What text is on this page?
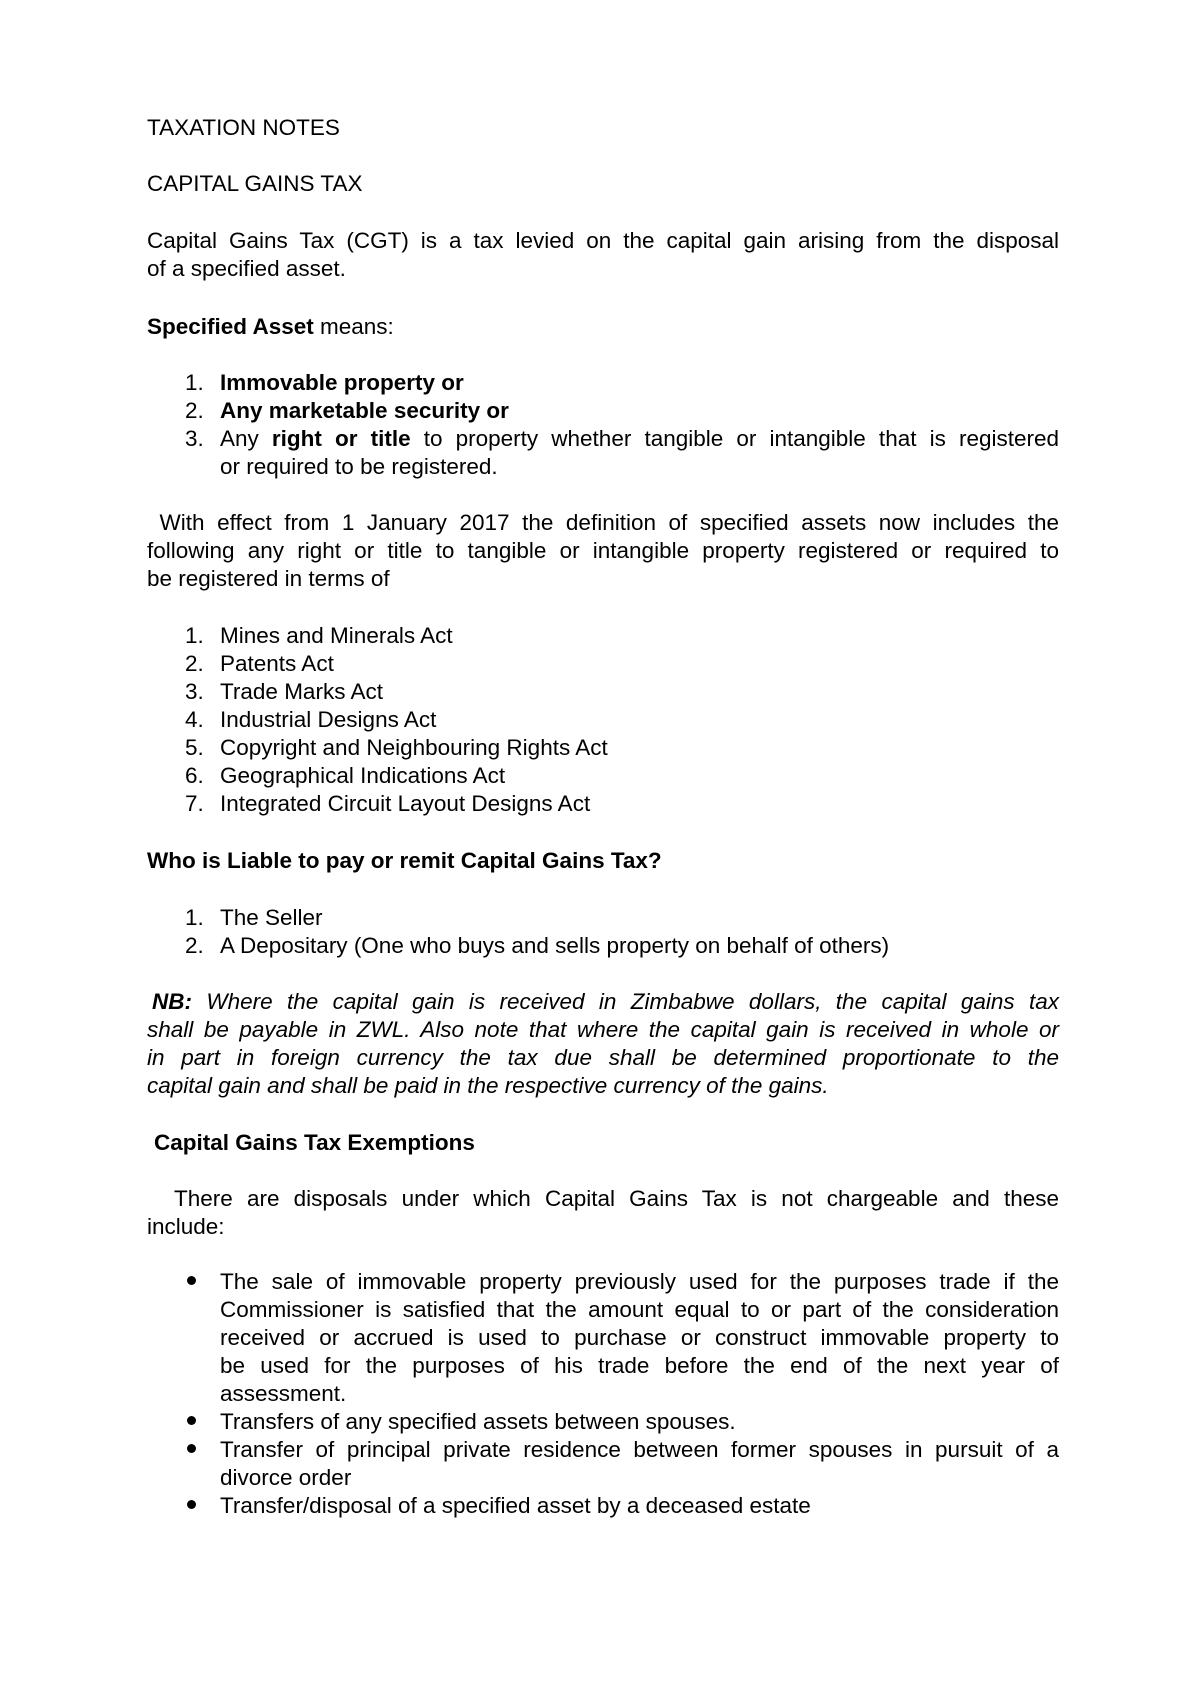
TAXATION NOTES
CAPITAL GAINS TAX
Capital Gains Tax (CGT) is a tax levied on the capital gain arising from the disposal
of a specified asset.
Specified Asset means:
1. Immovable property or
2. Any marketable security or
3. Any right or title to property whether tangible or intangible that is registered
or required to be registered.
With effect from 1 January 2017 the definition of specified assets now includes the
following any right or title to tangible or intangible property registered or required to
be registered in terms of
1. Mines and Minerals Act
2. Patents Act
3. Trade Marks Act
4. Industrial Designs Act
5. Copyright and Neighbouring Rights Act
6. Geographical Indications Act
7. Integrated Circuit Layout Designs Act
Who is Liable to pay or remit Capital Gains Tax?
1. The Seller
2. A Depositary (One who buys and sells property on behalf of others)
NB: Where the capital gain is received in Zimbabwe dollars, the capital gains tax
shall be payable in ZWL. Also note that where the capital gain is received in whole or
in part in foreign currency the tax due shall be determined proportionate to the
capital gain and shall be paid in the respective currency of the gains.
Capital Gains Tax Exemptions
There are disposals under which Capital Gains Tax is not chargeable and these
include:
The sale of immovable property previously used for the purposes trade if the
Commissioner is satisfied that the amount equal to or part of the consideration
received or accrued is used to purchase or construct immovable property to
be used for the purposes of his trade before the end of the next year of
assessment.
Transfers of any specified assets between spouses.
Transfer of principal private residence between former spouses in pursuit of a
divorce order
Transfer/disposal of a specified asset by a deceased estate
